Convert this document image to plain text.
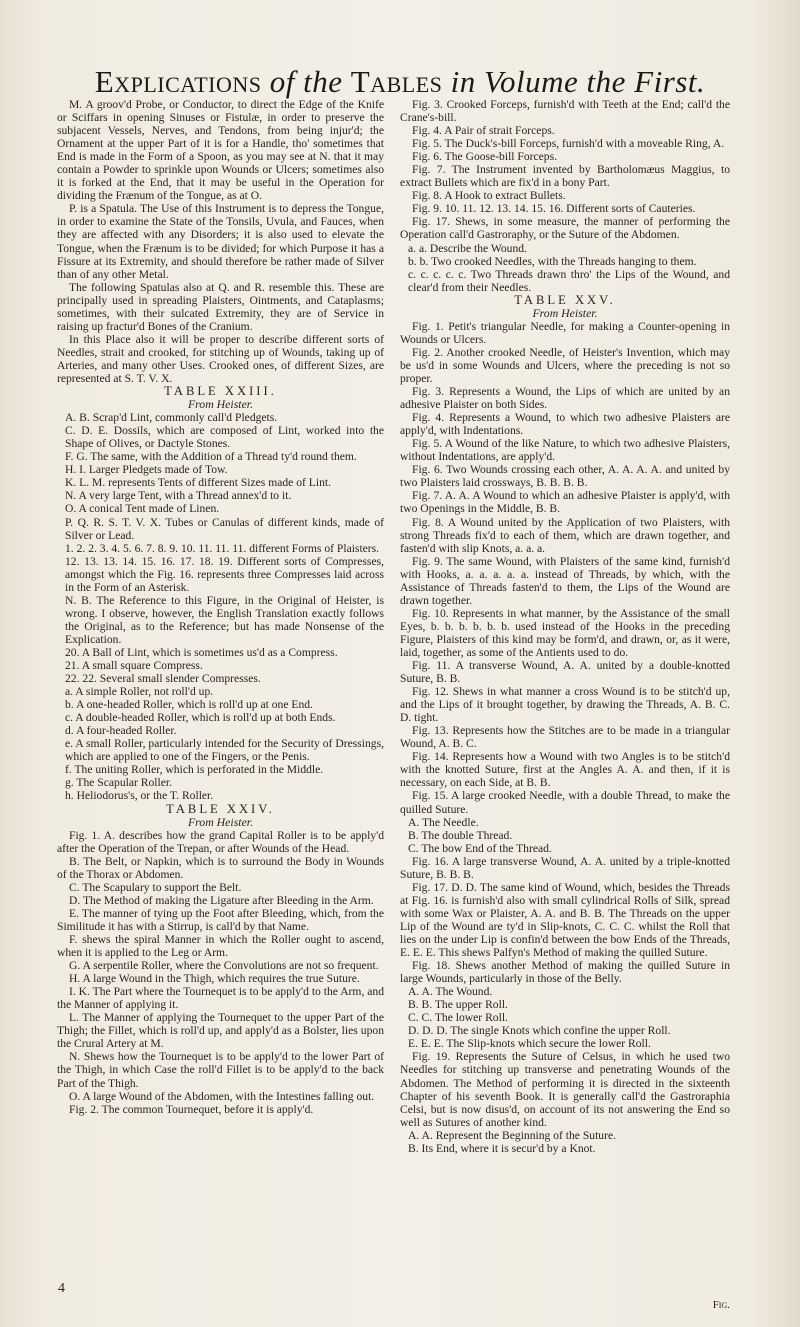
Explications of the Tables in Volume the First.

M. A groov'd Probe, or Conductor, to direct the Edge of the Knife or Sciffars in opening Sinuses or Fistulæ, in order to preserve the subjacent Vessels, Nerves, and Tendons, from being injur'd; the Ornament at the upper Part of it is for a Handle, tho' sometimes that End is made in the Form of a Spoon, as you may see at N. that it may contain a Powder to sprinkle upon Wounds or Ulcers; sometimes also it is forked at the End, that it may be useful in the Operation for dividing the Frænum of the Tongue, as at O.

P. is a Spatula. The Use of this Instrument is to depress the Tongue, in order to examine the State of the Tonsils, Uvula, and Fauces, when they are affected with any Disorders; it is also used to elevate the Tongue, when the Frænum is to be divided; for which Purpose it has a Fissure at its Extremity, and should therefore be rather made of Silver than of any other Metal.

The following Spatulas also at Q. and R. resemble this. These are principally used in spreading Plaisters, Ointments, and Cataplasms; sometimes, with their sulcated Extremity, they are of Service in raising up fractur'd Bones of the Cranium.

In this Place also it will be proper to describe different sorts of Needles, strait and crooked, for stitching up of Wounds, taking up of Arteries, and many other Uses. Crooked ones, of different Sizes, are represented at S. T. V. X.

TABLE XXIII.

From Heister.

A. B. Scrap'd Lint, commonly call'd Pledgets.

C. D. E. Dossils, which are composed of Lint, worked into the Shape of Olives, or Dactyle Stones.

F. G. The same, with the Addition of a Thread ty'd round them.

H. I. Larger Pledgets made of Tow.

K. L. M. represents Tents of different Sizes made of Lint.

N. A very large Tent, with a Thread annex'd to it.

O. A conical Tent made of Linen.

P. Q. R. S. T. V. X. Tubes or Canulas of different kinds, made of Silver or Lead.

1. 2. 2. 3. 4. 5. 6. 7. 8. 9. 10. 11. 11. 11. different Forms of Plaisters.

12. 13. 13. 14. 15. 16. 17. 18. 19. Different sorts of Compresses, amongst which the Fig. 16. represents three Compresses laid across in the Form of an Asterisk.

N. B. The Reference to this Figure, in the Original of Heister, is wrong. I observe, however, the English Translation exactly follows the Original, as to the Reference; but has made Nonsense of the Explication.

20. A Ball of Lint, which is sometimes us'd as a Compress.

21. A small square Compress.

22. 22. Several small slender Compresses.

a. A simple Roller, not roll'd up.

b. A one-headed Roller, which is roll'd up at one End.

c. A double-headed Roller, which is roll'd up at both Ends.

d. A four-headed Roller.

e. A small Roller, particularly intended for the Security of Dressings, which are applied to one of the Fingers, or the Penis.

f. The uniting Roller, which is perforated in the Middle.

g. The Scapular Roller.

h. Heliodorus's, or the T. Roller.

TABLE XXIV.

From Heister.

Fig. 1. A. describes how the grand Capital Roller is to be apply'd after the Operation of the Trepan, or after Wounds of the Head.

B. The Belt, or Napkin, which is to surround the Body in Wounds of the Thorax or Abdomen.

C. The Scapulary to support the Belt.

D. The Method of making the Ligature after Bleeding in the Arm.

E. The manner of tying up the Foot after Bleeding, which, from the Similitude it has with a Stirrup, is call'd by that Name.

F. shews the spiral Manner in which the Roller ought to ascend, when it is applied to the Leg or Arm.

G. A serpentile Roller, where the Convolutions are not so frequent.

H. A large Wound in the Thigh, which requires the true Suture.

I. K. The Part where the Tournequet is to be apply'd to the Arm, and the Manner of applying it.

L. The Manner of applying the Tournequet to the upper Part of the Thigh; the Fillet, which is roll'd up, and apply'd as a Bolster, lies upon the Crural Artery at M.

N. Shews how the Tournequet is to be apply'd to the lower Part of the Thigh, in which Case the roll'd Fillet is to be apply'd to the back Part of the Thigh.

O. A large Wound of the Abdomen, with the Intestines falling out.

Fig. 2. The common Tournequet, before it is apply'd.

Fig. 3. Crooked Forceps, furnish'd with Teeth at the End; call'd the Crane's-bill.

Fig. 4. A Pair of strait Forceps.

Fig. 5. The Duck's-bill Forceps, furnish'd with a moveable Ring, A.

Fig. 6. The Goose-bill Forceps.

Fig. 7. The Instrument invented by Bartholomæus Maggius, to extract Bullets which are fix'd in a bony Part.

Fig. 8. A Hook to extract Bullets.

Fig. 9. 10. 11. 12. 13. 14. 15. 16. Different sorts of Cauteries.

Fig. 17. Shews, in some measure, the manner of performing the Operation call'd Gastroraphy, or the Suture of the Abdomen.

a. a. Describe the Wound.

b. b. Two crooked Needles, with the Threads hanging to them.

c. c. c. c. c. Two Threads drawn thro' the Lips of the Wound, and clear'd from their Needles.

TABLE XXV.

From Heister.

Fig. 1. Petit's triangular Needle, for making a Counter-opening in Wounds or Ulcers.

Fig. 2. Another crooked Needle, of Heister's Invention, which may be us'd in some Wounds and Ulcers, where the preceding is not so proper.

Fig. 3. Represents a Wound, the Lips of which are united by an adhesive Plaister on both Sides.

Fig. 4. Represents a Wound, to which two adhesive Plaisters are apply'd, with Indentations.

Fig. 5. A Wound of the like Nature, to which two adhesive Plaisters, without Indentations, are apply'd.

Fig. 6. Two Wounds crossing each other, A. A. A. A. and united by two Plaisters laid crossways, B. B. B. B.

Fig. 7. A. A. A Wound to which an adhesive Plaister is apply'd, with two Openings in the Middle, B. B.

Fig. 8. A Wound united by the Application of two Plaisters, with strong Threads fix'd to each of them, which are drawn together, and fasten'd with slip Knots, a. a. a.

Fig. 9. The same Wound, with Plaisters of the same kind, furnish'd with Hooks, a. a. a. a. a. instead of Threads, by which, with the Assistance of Threads fasten'd to them, the Lips of the Wound are drawn together.

Fig. 10. Represents in what manner, by the Assistance of the small Eyes, b. b. b. b. b. b. used instead of the Hooks in the preceding Figure, Plaisters of this kind may be form'd, and drawn, or, as it were, laid, together, as some of the Antients used to do.

Fig. 11. A transverse Wound, A. A. united by a double-knotted Suture, B. B.

Fig. 12. Shews in what manner a cross Wound is to be stitch'd up, and the Lips of it brought together, by drawing the Threads, A. B. C. D. tight.

Fig. 13. Represents how the Stitches are to be made in a triangular Wound, A. B. C.

Fig. 14. Represents how a Wound with two Angles is to be stitch'd with the knotted Suture, first at the Angles A. A. and then, if it is necessary, on each Side, at B. B.

Fig. 15. A large crooked Needle, with a double Thread, to make the quilled Suture.

A. The Needle.

B. The double Thread.

C. The bow End of the Thread.

Fig. 16. A large transverse Wound, A. A. united by a triple-knotted Suture, B. B. B.

Fig. 17. D. D. The same kind of Wound, which, besides the Threads at Fig. 16. is furnish'd also with small cylindrical Rolls of Silk, spread with some Wax or Plaister, A. A. and B. B. The Threads on the upper Lip of the Wound are ty'd in Slip-knots, C. C. C. whilst the Roll that lies on the under Lip is confin'd between the bow Ends of the Threads, E. E. E. This shews Palfyn's Method of making the quilled Suture.

Fig. 18. Shews another Method of making the quilled Suture in large Wounds, particularly in those of the Belly.

A. A. The Wound.

B. B. The upper Roll.

C. C. The lower Roll.

D. D. D. The single Knots which confine the upper Roll.

E. E. E. The Slip-knots which secure the lower Roll.

Fig. 19. Represents the Suture of Celsus, in which he used two Needles for stitching up transverse and penetrating Wounds of the Abdomen. The Method of performing it is directed in the sixteenth Chapter of his seventh Book. It is generally call'd the Gastroraphia Celsi, but is now disus'd, on account of its not answering the End so well as Sutures of another kind.

A. A. Represent the Beginning of the Suture.

B. Its End, where it is secur'd by a Knot.

4
Fig.
